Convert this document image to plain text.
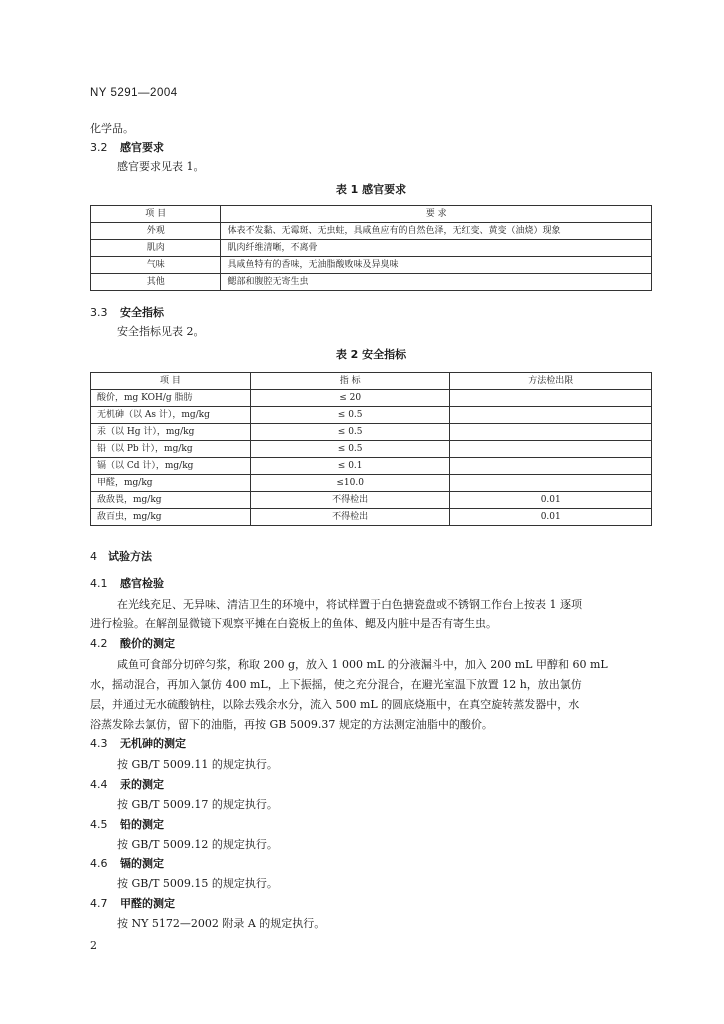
NY 5291—2004
化学品。
3.2 感官要求
感官要求见表 1。
表 1 感官要求
项 目	要 求
外观	体表不发黏、无霉斑、无虫蛀，具咸鱼应有的自然色泽，无红变、黄变（油烧）现象
肌肉	肌肉纤维清晰，不离骨
气味	具咸鱼特有的香味，无油脂酸败味及异臭味
其他	鳃部和腹腔无寄生虫
3.3 安全指标
安全指标见表 2。
表 2 安全指标
项 目	指 标	方法检出限
酸价，mg KOH/g 脂肪	≤ 20	
无机砷（以 As 计），mg/kg	≤ 0.5	
汞（以 Hg 计），mg/kg	≤ 0.5	
铅（以 Pb 计），mg/kg	≤ 0.5	
镉（以 Cd 计），mg/kg	≤ 0.1	
甲醛，mg/kg	≤10.0	
敌敌畏，mg/kg	不得检出	0.01
敌百虫，mg/kg	不得检出	0.01
4 试验方法
4.1 感官检验
在光线充足、无异味、清洁卫生的环境中，将试样置于白色搪瓷盘或不锈钢工作台上按表 1 逐项
进行检验。在解剖显微镜下观察平摊在白瓷板上的鱼体、鳃及内脏中是否有寄生虫。
4.2 酸价的测定
咸鱼可食部分切碎匀浆，称取 200 g，放入 1 000 mL 的分液漏斗中，加入 200 mL 甲醇和 60 mL
水，摇动混合，再加入氯仿 400 mL，上下振摇，使之充分混合，在避光室温下放置 12 h，放出氯仿
层，并通过无水硫酸钠柱，以除去残余水分，流入 500 mL 的圆底烧瓶中，在真空旋转蒸发器中，水
浴蒸发除去氯仿，留下的油脂，再按 GB 5009.37 规定的方法测定油脂中的酸价。
4.3 无机砷的测定
按 GB/T 5009.11 的规定执行。
4.4 汞的测定
按 GB/T 5009.17 的规定执行。
4.5 铅的测定
按 GB/T 5009.12 的规定执行。
4.6 镉的测定
按 GB/T 5009.15 的规定执行。
4.7 甲醛的测定
按 NY 5172—2002 附录 A 的规定执行。
2
